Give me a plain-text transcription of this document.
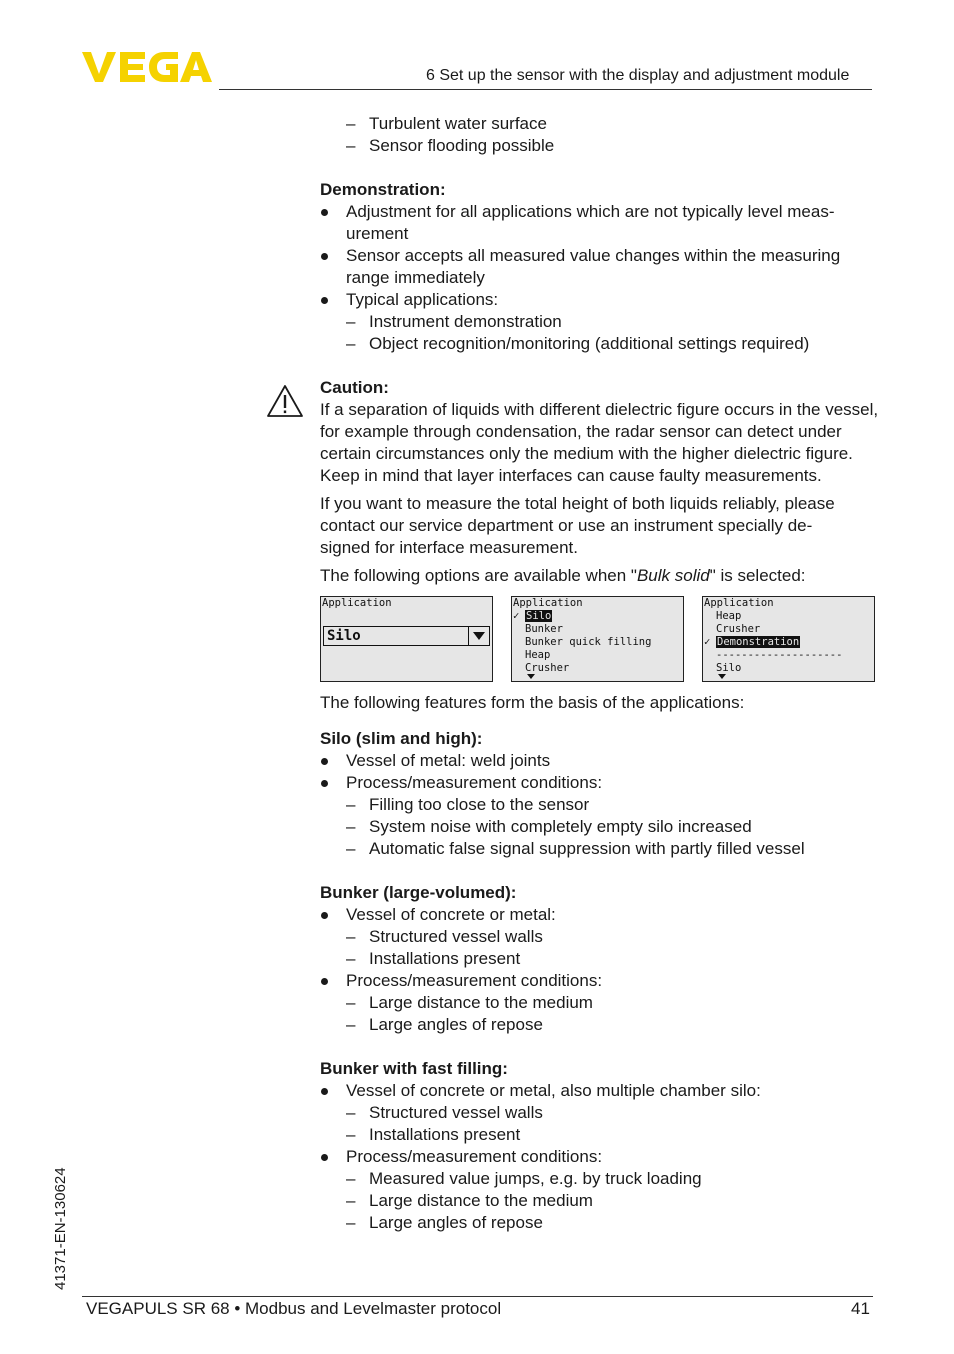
6 Set up the sensor with the display and adjustment module

– Turbulent water surface

– Sensor flooding possible

Demonstration:

Adjustment for all applications which are not typically level meas-
urement

Sensor accepts all measured value changes within the measuring range immediately

Typical applications:

– Instrument demonstration

– Object recognition/monitoring (additional settings required)

Caution:

If a separation of liquids with different dielectric figure occurs in the vessel, for example through condensation, the radar sensor can detect under certain circumstances only the medium with the higher dielectric figure. Keep in mind that layer interfaces can cause faulty measurements.

If you want to measure the total height of both liquids reliably, please contact our service department or use an instrument specially de-
signed for interface measurement.

The following options are available when "Bulk solid" is selected:

Application
Silo
Application
✓ Silo
Bunker
Bunker quick filling
Heap
Crusher
Application
Heap
Crusher
✓ Demonstration
--------------------
Silo

The following features form the basis of the applications:

Silo (slim and high):

Vessel of metal: weld joints

Process/measurement conditions:

– Filling too close to the sensor

– System noise with completely empty silo increased

– Automatic false signal suppression with partly filled vessel

Bunker (large-volumed):

Vessel of concrete or metal:

– Structured vessel walls

– Installations present

Process/measurement conditions:

– Large distance to the medium

– Large angles of repose

Bunker with fast filling:

Vessel of concrete or metal, also multiple chamber silo:

– Structured vessel walls

– Installations present

Process/measurement conditions:

– Measured value jumps, e.g. by truck loading

– Large distance to the medium

– Large angles of repose

41371-EN-130624
VEGAPULS SR 68 • Modbus and Levelmaster protocol	41
